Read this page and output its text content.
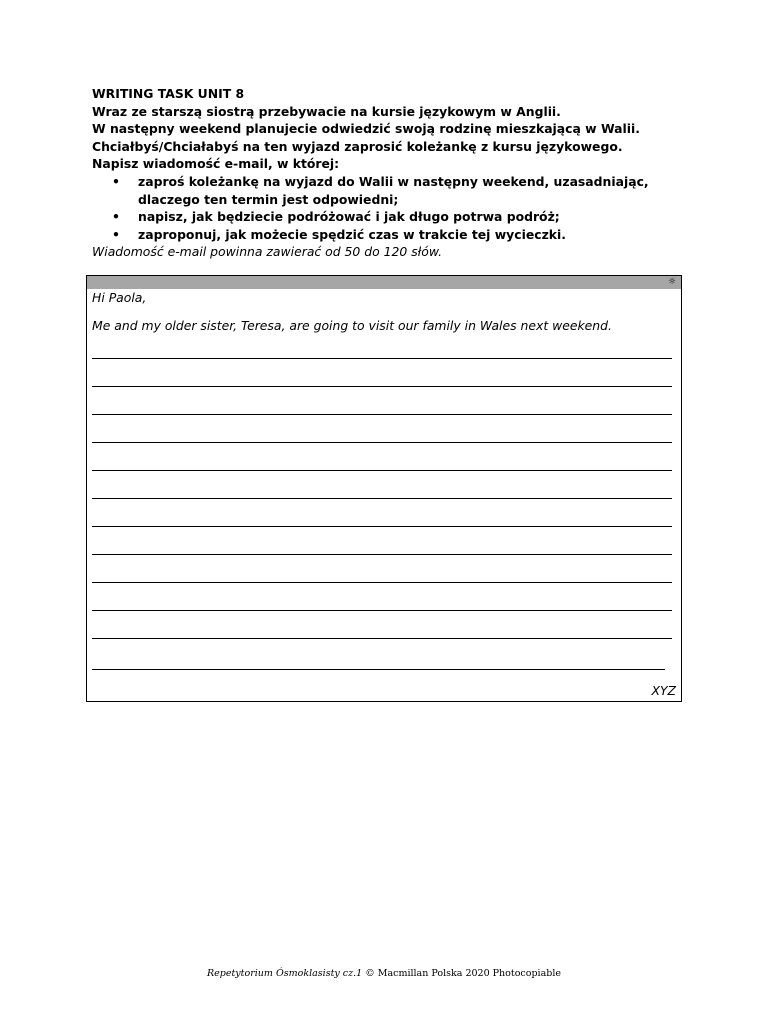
WRITING TASK UNIT 8

Wraz ze starszą siostrą przebywacie na kursie językowym w Anglii.

W następny weekend planujecie odwiedzić swoją rodzinę mieszkającą w Walii.

Chciałbyś/Chciałabyś na ten wyjazd zaprosić koleżankę z kursu językowego.

Napisz wiadomość e-mail, w której:

• zaproś koleżankę na wyjazd do Walii w następny weekend, uzasadniając, dlaczego ten termin jest odpowiedni;
• napisz, jak będziecie podróżować i jak długo potrwa podróż;
• zaproponuj, jak możecie spędzić czas w trakcie tej wycieczki.
Wiadomość e-mail powinna zawierać od 50 do 120 słów.
☼
Hi Paola,
Me and my older sister, Teresa, are going to visit our family in Wales next weekend.
XYZ
Repetytorium Ósmoklasisty cz.1 © Macmillan Polska 2020 Photocopiable
